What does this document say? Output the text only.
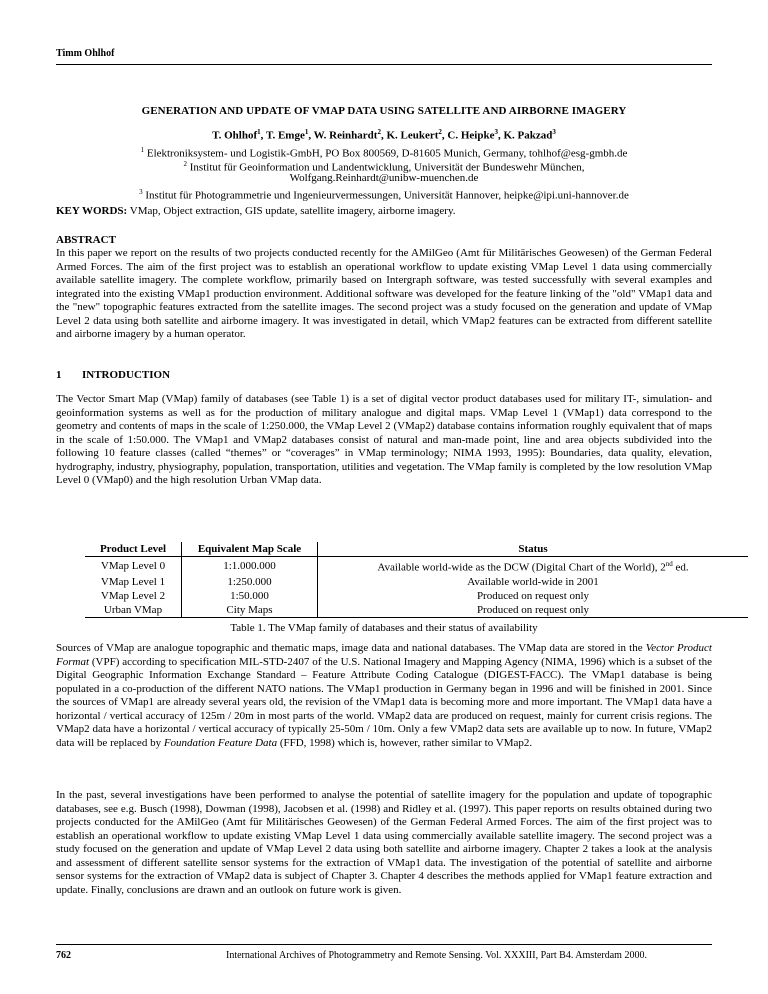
Timm Ohlhof
GENERATION AND UPDATE OF VMAP DATA USING SATELLITE AND AIRBORNE IMAGERY
T. Ohlhof$^1$, T. Emge$^1$, W. Reinhardt$^2$, K. Leukert$^2$, C. Heipke$^3$, K. Pakzad$^3$
$^1$ Elektroniksystem- und Logistik-GmbH, PO Box 800569, D-81605 Munich, Germany, tohlhof@esg-gmbh.de
$^2$ Institut für Geoinformation und Landentwicklung, Universität der Bundeswehr München,
Wolfgang.Reinhardt@unibw-muenchen.de
$^3$ Institut für Photogrammetrie und Ingenieurvermessungen, Universität Hannover, heipke@ipi.uni-hannover.de
KEY WORDS: VMap, Object extraction, GIS update, satellite imagery, airborne imagery.
ABSTRACT
In this paper we report on the results of two projects conducted recently for the AMilGeo (Amt für Militärisches Geowesen) of the German Federal Armed Forces. The aim of the first project was to establish an operational workflow to update existing VMap Level 1 data using commercially available satellite imagery. The complete workflow, primarily based on Intergraph software, was tested successfully with several examples and integrated into the existing VMap1 production environment. Additional software was developed for the feature linking of the "old" VMap1 data and the "new" topographic features extracted from the satellite images. The second project was a study focused on the generation and update of VMap Level 2 data using both satellite and airborne imagery. It was investigated in detail, which VMap2 features can be extracted from different satellite and airborne imagery by a human operator.
1 INTRODUCTION
The Vector Smart Map (VMap) family of databases (see Table 1) is a set of digital vector product databases used for military IT-, simulation- and geoinformation systems as well as for the production of military analogue and digital maps. VMap Level 1 (VMap1) data correspond to the geometry and contents of maps in the scale of 1:250.000, the VMap Level 2 (VMap2) database contains information roughly equivalent that of maps in the scale of 1:50.000. The VMap1 and VMap2 databases consist of natural and man-made point, line and area objects subdivided into the following 10 feature classes (called “themes” or “coverages” in VMap terminology; NIMA 1993, 1995): Boundaries, data quality, elevation, hydrography, industry, physiography, population, transportation, utilities and vegetation. The VMap family is completed by the low resolution VMap Level 0 (VMap0) and the high resolution Urban VMap data.
Product Level	Equivalent Map Scale	Status
VMap Level 0	1:1.000.000	Available world-wide as the DCW (Digital Chart of the World), 2nd ed.
VMap Level 1	1:250.000	Available world-wide in 2001
VMap Level 2	1:50.000	Produced on request only
Urban VMap	City Maps	Produced on request only
Table 1. The VMap family of databases and their status of availability
Sources of VMap are analogue topographic and thematic maps, image data and national databases. The VMap data are stored in the Vector Product Format (VPF) according to specification MIL-STD-2407 of the U.S. National Imagery and Mapping Agency (NIMA, 1996) which is a subset of the Digital Geographic Information Exchange Standard – Feature Attribute Coding Catalogue (DIGEST-FACC). The VMap1 database is being populated in a co-production of the different NATO nations. The VMap1 production in Germany began in 1996 and will be finished in 2001. Since the sources of VMap1 are already several years old, the revision of the VMap1 data is becoming more and more important. The VMap1 data have a horizontal / vertical accuracy of 125m / 20m in most parts of the world. VMap2 data are produced on request, mainly for current crisis regions. The VMap2 data have a horizontal / vertical accuracy of typically 25-50m / 10m. Only a few VMap2 data sets are available up to now. In future, VMap2 data will be replaced by Foundation Feature Data (FFD, 1998) which is, however, rather similar to VMap2.
In the past, several investigations have been performed to analyse the potential of satellite imagery for the population and update of topographic databases, see e.g. Busch (1998), Dowman (1998), Jacobsen et al. (1998) and Ridley et al. (1997). This paper reports on results obtained during two projects conducted for the AMilGeo (Amt für Militärisches Geowesen) of the German Federal Armed Forces. The aim of the first project was to establish an operational workflow to update existing VMap Level 1 data using commercially available satellite imagery. The second project was a study focused on the generation and update of VMap Level 2 data using both satellite and airborne imagery. Chapter 2 takes a look at the analysis and assessment of different satellite sensor systems for the extraction of VMap1 data. The investigation of the potential of satellite and airborne sensor systems for the extraction of VMap2 data is subject of Chapter 3. Chapter 4 describes the methods applied for VMap1 feature extraction and update. Finally, conclusions are drawn and an outlook on future work is given.
762	International Archives of Photogrammetry and Remote Sensing. Vol. XXXIII, Part B4. Amsterdam 2000.
